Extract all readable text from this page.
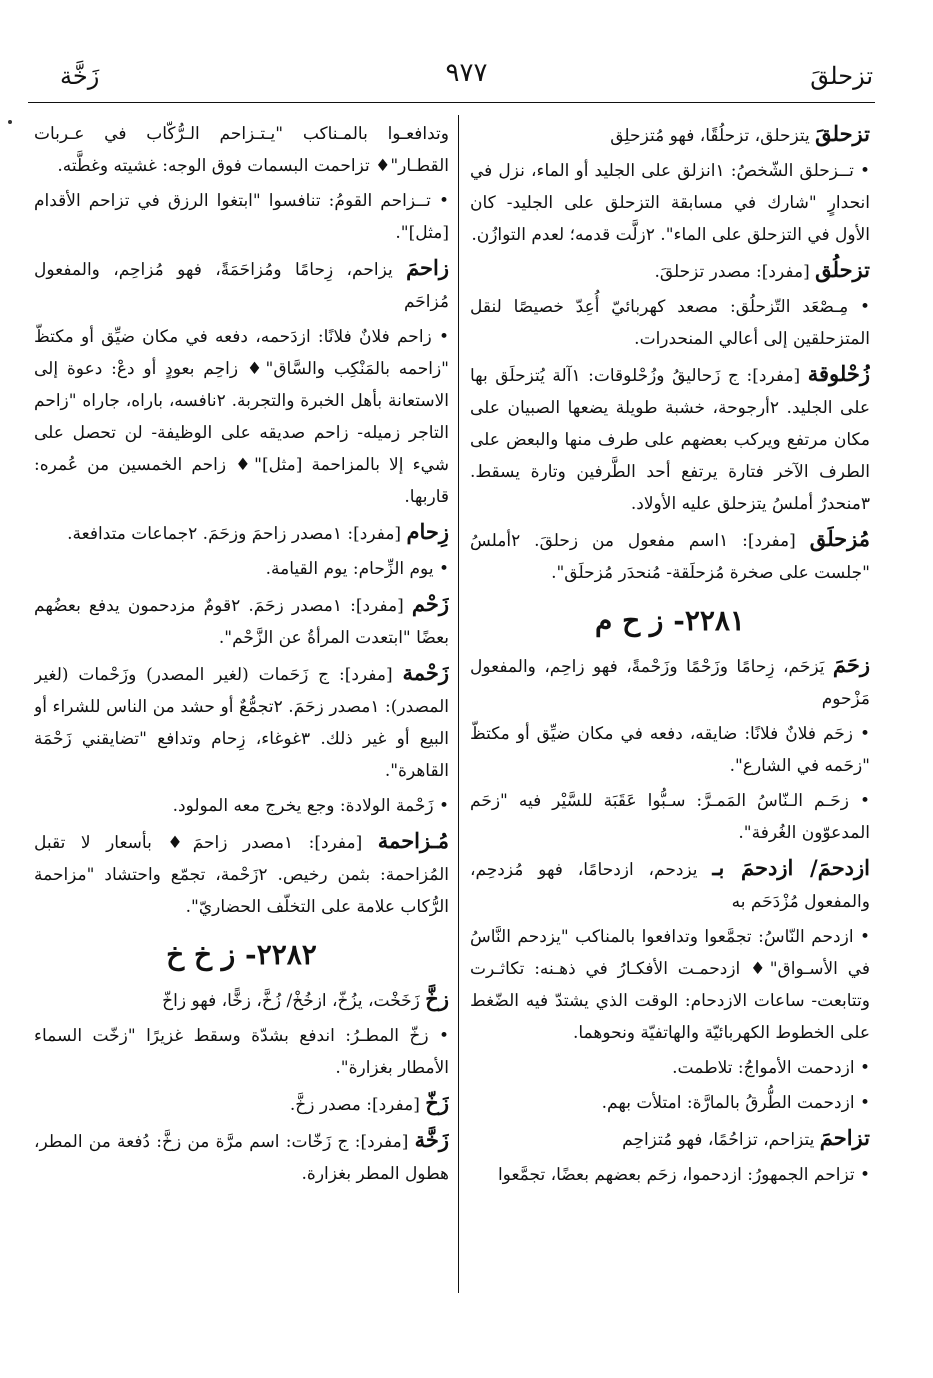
تزحلقَ
٩٧٧
زَخَّة
تزحلقَ يتزحلق، تزحلُقًا، فهو مُتزحلِق
• تــزحلق الشّخصُ: ١انزلق على الجليد أو الماء، نزل في انحدارٍ "شارك في مسابقة التزحلق على الجليد- كان الأول في التزحلق على الماء". ٢زلَّت قدمه؛ لعدم التوازُن.
تزحلُق [مفرد]: مصدر تزحلقَ.
• مِـصْعَد التّزحلُق: مصعد كهربائيّ أُعِدّ خصيصًا لنقل المتزحلقين إلى أعالي المنحدرات.
زُحْلوقة [مفرد]: ج زَحاليقُ وزُحْلوقات: ١آلة يُتزحلَق بها على الجليد. ٢أرجوحة، خشبة طويلة يضعها الصبيان على مكان مرتفع ويركب بعضهم على طرف منها والبعض على الطرف الآخر فتارة يرتفع أحد الطَّرفين وتارة يسقط. ٣منحدرٌ أملسُ يتزحلق عليه الأولاد.
مُزحلَق [مفرد]: ١اسم مفعول من زحلقَ. ٢أملسُ "جلست على صخرة مُزحلَقة- مُنحدَر مُزحلَق".
٢٢٨١- ز ح م
زحَمَ يَزحَم، زِحامًا وزَحْمًا وزَحْمةً، فهو زاحِم، والمفعول مَزْحوم
• زحَم فلانٌ فلانًا: ضايقه، دفعه في مكان ضيِّق أو مكتظّ "زحَمه في الشارع".
• زحَـم الـنّاسُ المَمـرَّ: سـبُّوا عَقَبَة للسَّيْر فيه "زحَم المدعوّون الغُرفة".
ازدحمَ/ ازدحمَ بـ يزدحم، ازدحامًا، فهو مُزدحِم، والمفعول مُزْدَحَم به
• ازدحم النّاسُ: تجمَّعوا وتدافعوا بالمناكب "يزدحم النَّاسُ في الأسـواق"♦ ازدحمـت الأفكـارُ في ذهـنه: تكاثـرت وتتابعت- ساعات الازدحام: الوقت الذي يشتدّ فيه الضّغط على الخطوط الكهربائيّة والهاتفيّة ونحوهما.
• ازدحمت الأمواجُ: تلاطمت.
• ازدحمت الطُّرقُ بالمارَّة: امتلأت بهم.
تزاحمَ يتزاحم، تزاحُمًا، فهو مُتزاحِم
• تزاحم الجمهورُ: ازدحموا، زحَم بعضهم بعضًا، تجمَّعوا
وتدافعـوا بالمـناكب "يـتـزاحم الـرُّكّاب في عـربات القطـار"♦ تزاحمت البسمات فوق الوجه: غشيته وغطَّته.
• تــزاحم القومُ: تنافسوا "ابتغوا الرزق في تزاحم الأقدام [مثل]".
زاحمَ يزاحم، زِحامًا ومُزاحَمَةً، فهو مُزاحِم، والمفعول مُزاحَم
• زاحم فلانٌ فلانًا: ازدَحمه، دفعه في مكان ضيِّق أو مكتظّ "زاحمه بالمَنْكِب والسَّاق"♦ زاحِم بعودٍ أو دعْ: دعوة إلى الاستعانة بأهل الخبرة والتجربة. ٢نافسه، باراه، جاراه "زاحم التاجر زميله- زاحم صديقه على الوظيفة- لن تحصل على شيء إلا بالمزاحمة [مثل]"♦ زاحم الخمسين من عُمره: قاربها.
زِحام [مفرد]: ١مصدر زاحمَ وزحَمَ. ٢جماعات متدافعة.
• يوم الزِّحام: يوم القيامة.
زَحْم [مفرد]: ١مصدر زحَمَ. ٢قومٌ مزدحمون يدفع بعضُهم بعضًا "ابتعدت المرأةُ عن الزَّحْم".
زَحْمة [مفرد]: ج زَحَمات (لغير المصدر) وزَحْمات (لغير المصدر): ١مصدر زحَمَ. ٢تجمُّعٌ أو حشد من الناس للشراء أو البيع أو غير ذلك. ٣غوغاء، زِحام وتدافع "تضايقني زَحْمَة القاهرة".
• زَحْمة الولادة: وجع يخرج معه المولود.
مُـزاحمة [مفرد]: ١مصدر زاحمَ♦ بأسعار لا تقبل المُزاحمة: بثمن رخيص. ٢زَحْمة، تجمّع واحتشاد "مزاحمة الرُّكاب علامة على التخلّف الحضاريّ".
٢٢٨٢- ز خ خ
زخَّ زَخَخْت، يزُخّ، ازخُخْ/ زُخَّ، زخًّا، فهو زاخّ
• زخّ المطـرُ: اندفع بشدّة وسقط غزيرًا "زخّت السماء الأمطار بغزارة".
زَخّ [مفرد]: مصدر زخَّ.
زَخَّة [مفرد]: ج زَخّات: اسم مرَّة من زخَّ: دُفعة من المطر، هطول المطر بغزارة.
